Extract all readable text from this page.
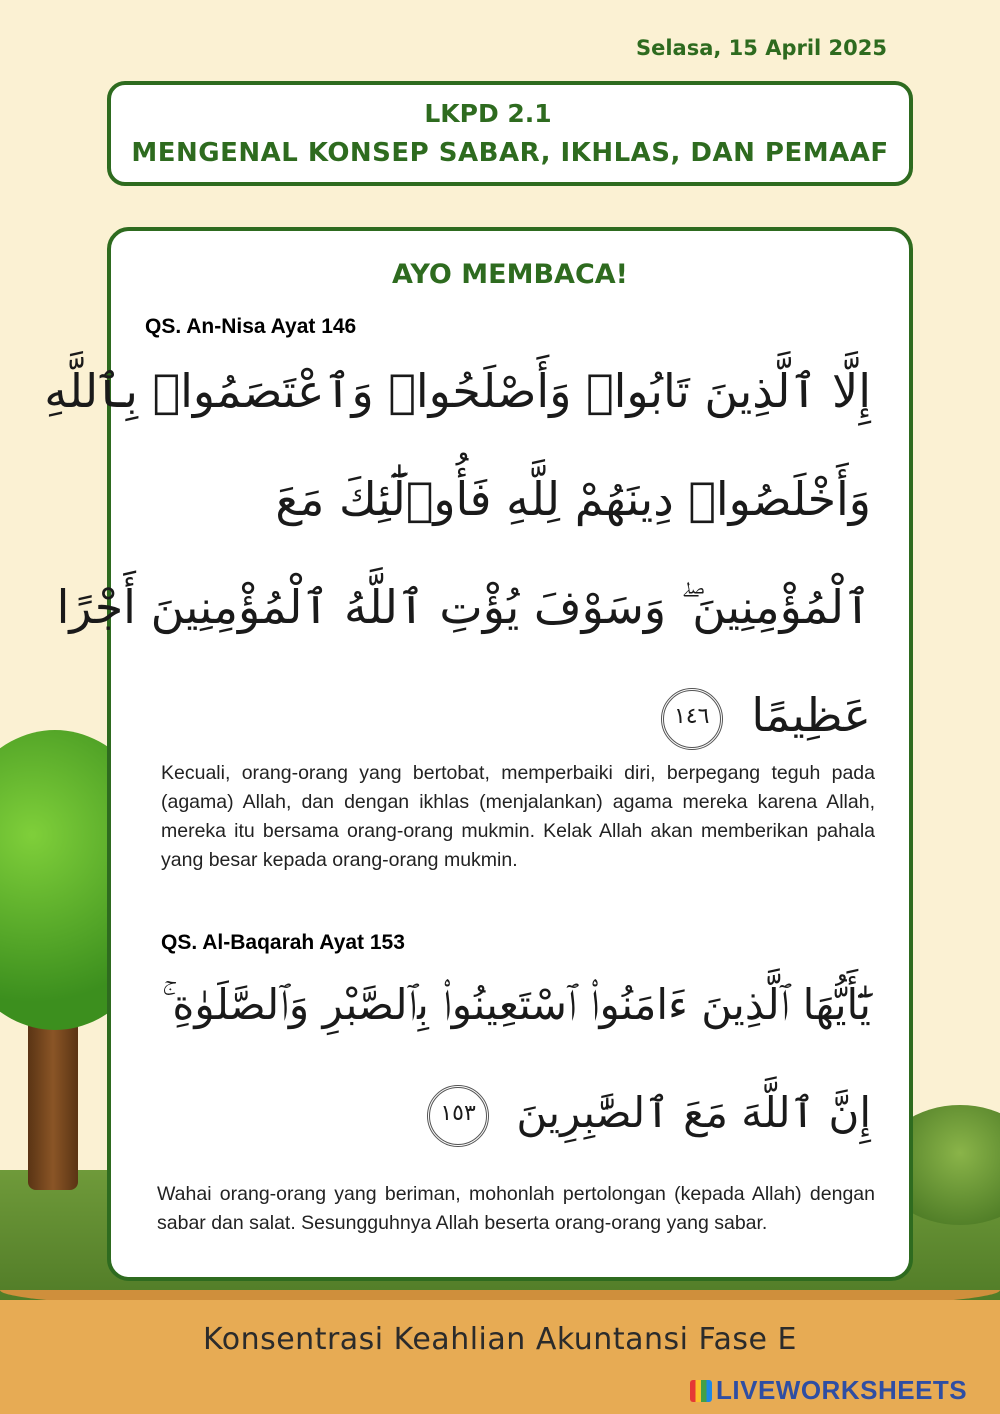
Selasa, 15 April 2025
LKPD 2.1
MENGENAL KONSEP SABAR, IKHLAS, DAN PEMAAF
AYO MEMBACA!
QS. An-Nisa Ayat 146
إِلَّا ٱلَّذِينَ تَابُوا۟ وَأَصْلَحُوا۟ وَٱعْتَصَمُوا۟ بِٱللَّهِ
وَأَخْلَصُوا۟ دِينَهُمْ لِلَّهِ فَأُو۟لَٰٓئِكَ مَعَ
ٱلْمُؤْمِنِينَ ۖ وَسَوْفَ يُؤْتِ ٱللَّهُ ٱلْمُؤْمِنِينَ أَجْرًا
عَظِيمًا ١٤٦
Kecuali, orang-orang yang bertobat, memperbaiki diri, berpegang teguh pada (agama) Allah, dan dengan ikhlas (menjalankan) agama mereka karena Allah, mereka itu bersama orang-orang mukmin. Kelak Allah akan memberikan pahala yang besar kepada orang-orang mukmin.
QS. Al-Baqarah Ayat 153
يَٰٓأَيُّهَا ٱلَّذِينَ ءَامَنُوا۟ ٱسْتَعِينُوا۟ بِٱلصَّبْرِ وَٱلصَّلَوٰةِ ۚ
إِنَّ ٱللَّهَ مَعَ ٱلصَّٰبِرِينَ ١٥٣
Wahai orang-orang yang beriman, mohonlah pertolongan (kepada Allah) dengan sabar dan salat. Sesungguhnya Allah beserta orang-orang yang sabar.
Konsentrasi Keahlian Akuntansi Fase E
LIVEWORKSHEETS
